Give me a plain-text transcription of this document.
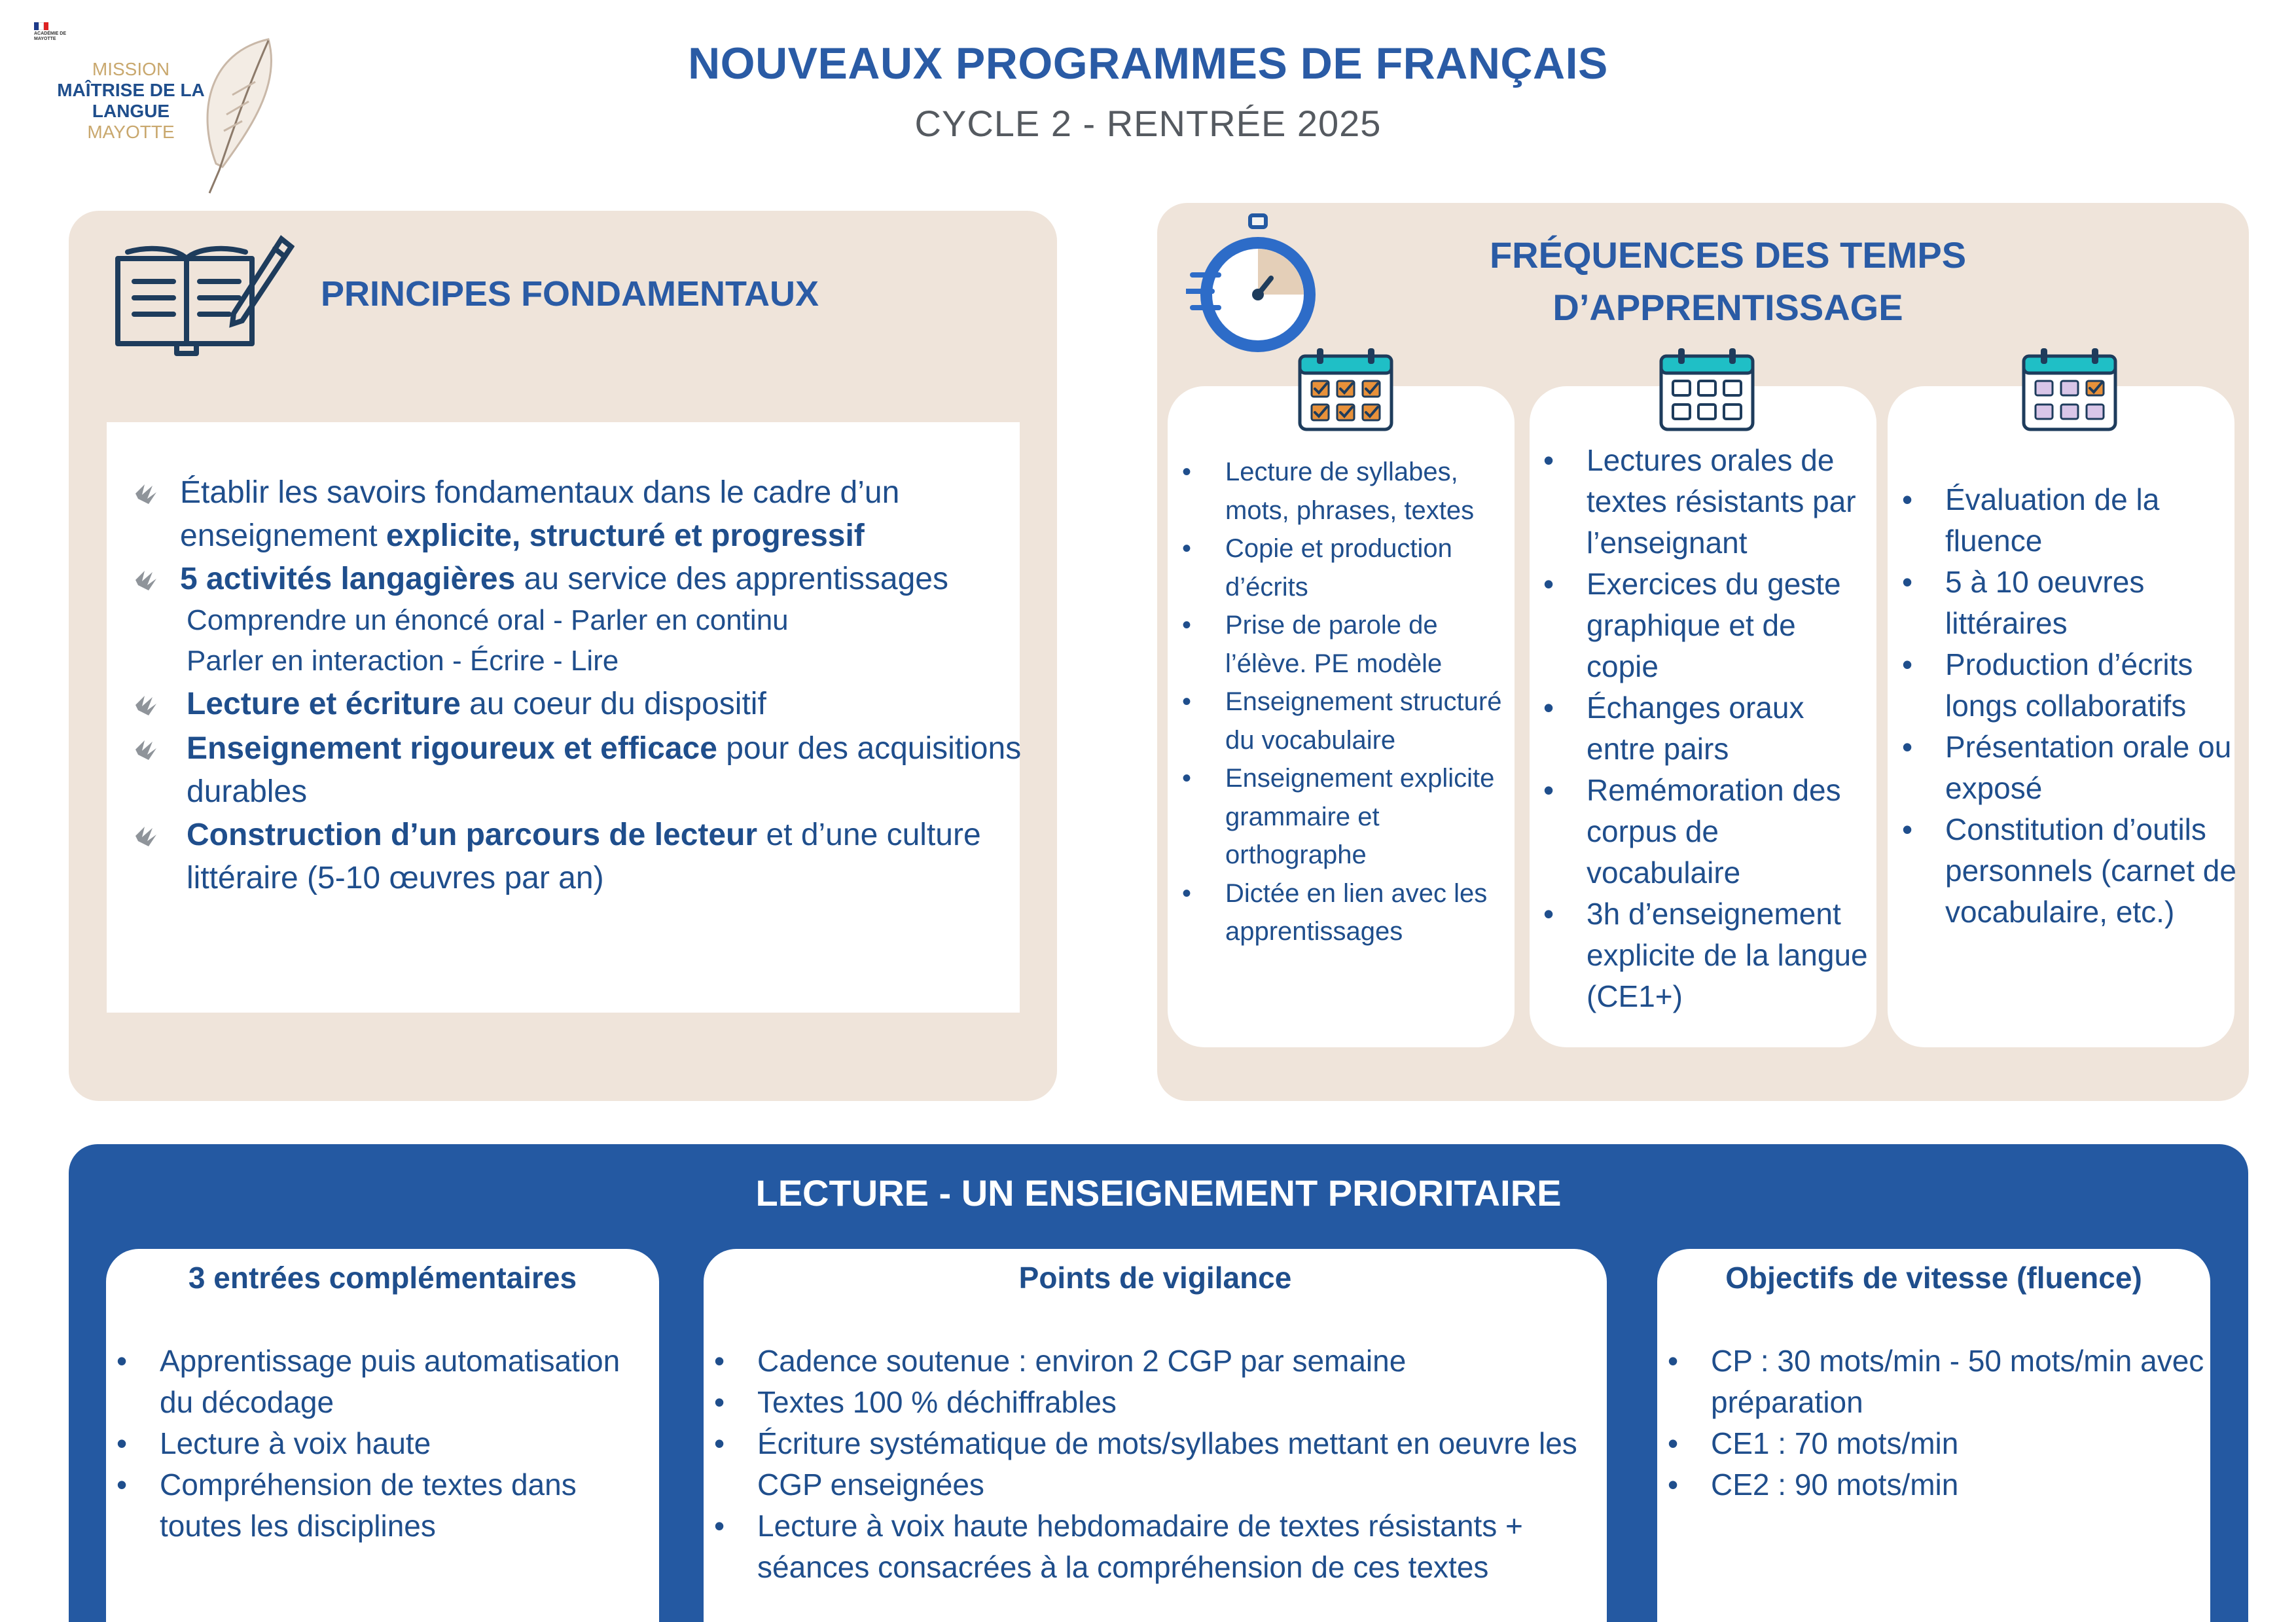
ACADÉMIE DE MAYOTTE
MISSION
MAÎTRISE DE LA
LANGUE
MAYOTTE
NOUVEAUX PROGRAMMES DE FRANÇAIS
CYCLE 2 - RENTRÉE 2025
PRINCIPES FONDAMENTAUX
Établir les savoirs fondamentaux dans le cadre d’un enseignement explicite, structuré et progressif
5 activités langagières au service des apprentissages
Comprendre un énoncé oral - Parler en continu
Parler en interaction - Écrire - Lire
Lecture et écriture au coeur du dispositif
Enseignement rigoureux et efficace pour des acquisitions durables
Construction d’un parcours de lecteur et d’une culture littéraire (5-10 œuvres par an)
FRÉQUENCES DES TEMPS
D’APPRENTISSAGE
• Lecture de syllabes, mots, phrases, textes
• Copie et production d’écrits
• Prise de parole de l’élève. PE modèle
• Enseignement structuré du vocabulaire
• Enseignement explicite grammaire et orthographe
• Dictée en lien avec les apprentissages
• Lectures orales de textes résistants par l’enseignant
• Exercices du geste graphique et de copie
• Échanges oraux entre pairs
• Remémoration des corpus de vocabulaire
• 3h d’enseignement explicite de la langue (CE1+)
• Évaluation de la fluence
• 5 à 10 oeuvres littéraires
• Production d’écrits longs collaboratifs
• Présentation orale ou exposé
• Constitution d’outils personnels (carnet de vocabulaire, etc.)
LECTURE - UN ENSEIGNEMENT PRIORITAIRE
3 entrées complémentaires	Points de vigilance	Objectifs de vitesse (fluence)
• Apprentissage puis automatisation du décodage
• Lecture à voix haute
• Compréhension de textes dans toutes les disciplines
• Cadence soutenue : environ 2 CGP par semaine
• Textes 100 % déchiffrables
• Écriture systématique de mots/syllabes mettant en oeuvre les CGP enseignées
• Lecture à voix haute hebdomadaire de textes résistants + séances consacrées à la compréhension de ces textes
• CP : 30 mots/min - 50 mots/min avec préparation
• CE1 : 70 mots/min
• CE2 : 90 mots/min
